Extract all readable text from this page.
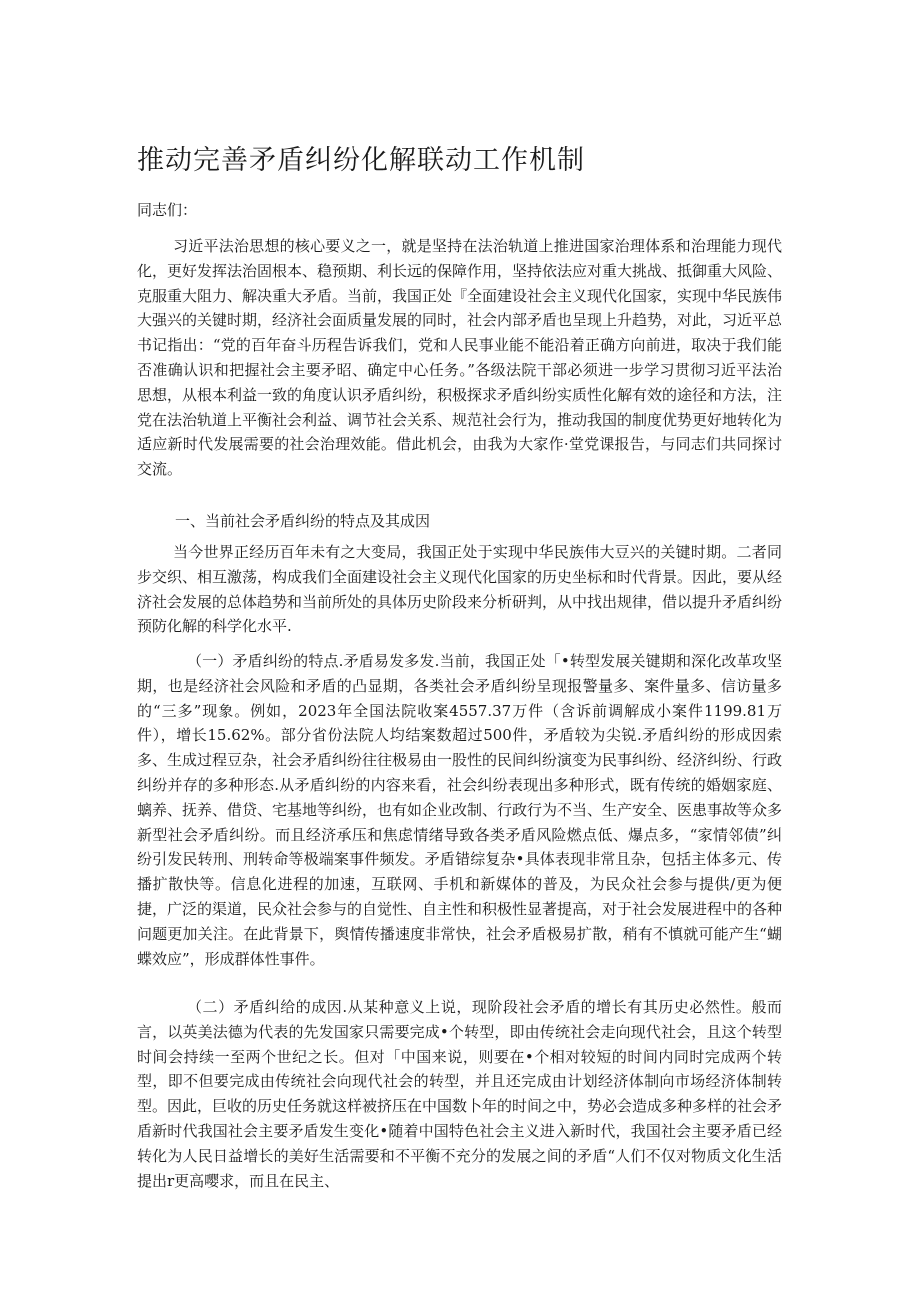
推动完善矛盾纠纷化解联动工作机制

同志们：

习近平法治思想的核心要义之一，就是坚持在法治轨道上推进国家治理体系和治理能力现代化，更好发挥法治固根本、稳预期、利长远的保障作用，坚持依法应对重大挑战、抵御重大风险、克服重大阻力、解决重大矛盾。当前，我国正处『全面建设社会主义现代化国家，实现中华民族伟大强兴的关键时期，经济社会面质量发展的同时，社会内部矛盾也呈现上升趋势，对此，习近平总书记指出：“党的百年奋斗历程告诉我们，党和人民事业能不能沿着正确方向前进，取决于我们能否准确认识和把握社会主要矛昭、确定中心任务。”各级法院干部必须进一步学习贯彻习近平法治思想，从根本利益一致的角度认识矛盾纠纷，积极探求矛盾纠纷实质性化解有效的途径和方法，注党在法治轨道上平衡社会利益、调节社会关系、规范社会行为，推动我国的制度优势更好地转化为适应新时代发展需要的社会治理效能。借此机会，由我为大家作·堂党课报告，与同志们共同探讨交流。

一、当前社会矛盾纠纷的特点及其成因

当今世界正经历百年未有之大变局，我国正处于实现中华民族伟大豆兴的关键时期。二者同步交织、相互激荡，构成我们全面建设社会主义现代化国家的历史坐标和时代背景。因此，要从经济社会发展的总体趋势和当前所处的具体历史阶段来分析研判，从中找出规律，借以提升矛盾纠纷预防化解的科学化水平.

（一）矛盾纠纷的特点.矛盾易发多发.当前，我国正处「•转型发展关键期和深化改革攻坚期，也是经济社会风险和矛盾的凸显期，各类社会矛盾纠纷呈现报警量多、案件量多、信访量多的“三多”现象。例如，2023年全国法院收案4557.37万件（含诉前调解成小案件1199.81万件），增长15.62%。部分省份法院人均结案数超过500件，矛盾较为尖锐.矛盾纠纷的形成因索多、生成过程豆杂，社会矛盾纠纷往往极易由一股性的民间纠纷演变为民事纠纷、经济纠纷、行政纠纷并存的多种形态.从矛盾纠纷的内容来看，社会纠纷表现出多种形式，既有传统的婚姻家庭、螭养、抚养、借贷、宅基地等纠纷，也有如企业改制、行政行为不当、生产安全、医患事故等众多新型社会矛盾纠纷。而且经济承压和焦虑情绪导致各类矛盾风险燃点低、爆点多，“家情邻债”纠纷引发民转刑、刑转命等极端案事件频发。矛盾错综复杂•具体表现非常且杂，包括主体多元、传播扩散快等。信息化进程的加速，互联网、手机和新媒体的普及，为民众社会参与提供/更为便捷，广泛的渠道，民众社会参与的自觉性、自主性和积极性显著提高，对于社会发展进程中的各种问题更加关注。在此背景下，舆情传播速度非常快，社会矛盾极易扩散，稍有不慎就可能产生“蝴蝶效应”，形成群体性事件。

（二）矛盾纠给的成因.从某种意义上说，现阶段社会矛盾的增长有其历史必然性。般而言，以英美法德为代表的先发国家只需要完成•个转型，即由传统社会走向现代社会，且这个转型时间会持续一至两个世纪之长。但对「中国来说，则要在•个相对较短的时间内同时完成两个转型，即不但要完成由传统社会向现代社会的转型，并且还完成由计划经济体制向市场经济体制转型。因此，巨收的历史任务就这样被挤压在中国数卜年的时间之中，势必会造成多种多样的社会矛盾新时代我国社会主要矛盾发生变化•随着中国特色社会主义进入新时代，我国社会主要矛盾已经转化为人民日益增长的美好生活需要和不平衡不充分的发展之间的矛盾“人们不仅对物质文化生活提出r更高嘤求，而且在民主、
